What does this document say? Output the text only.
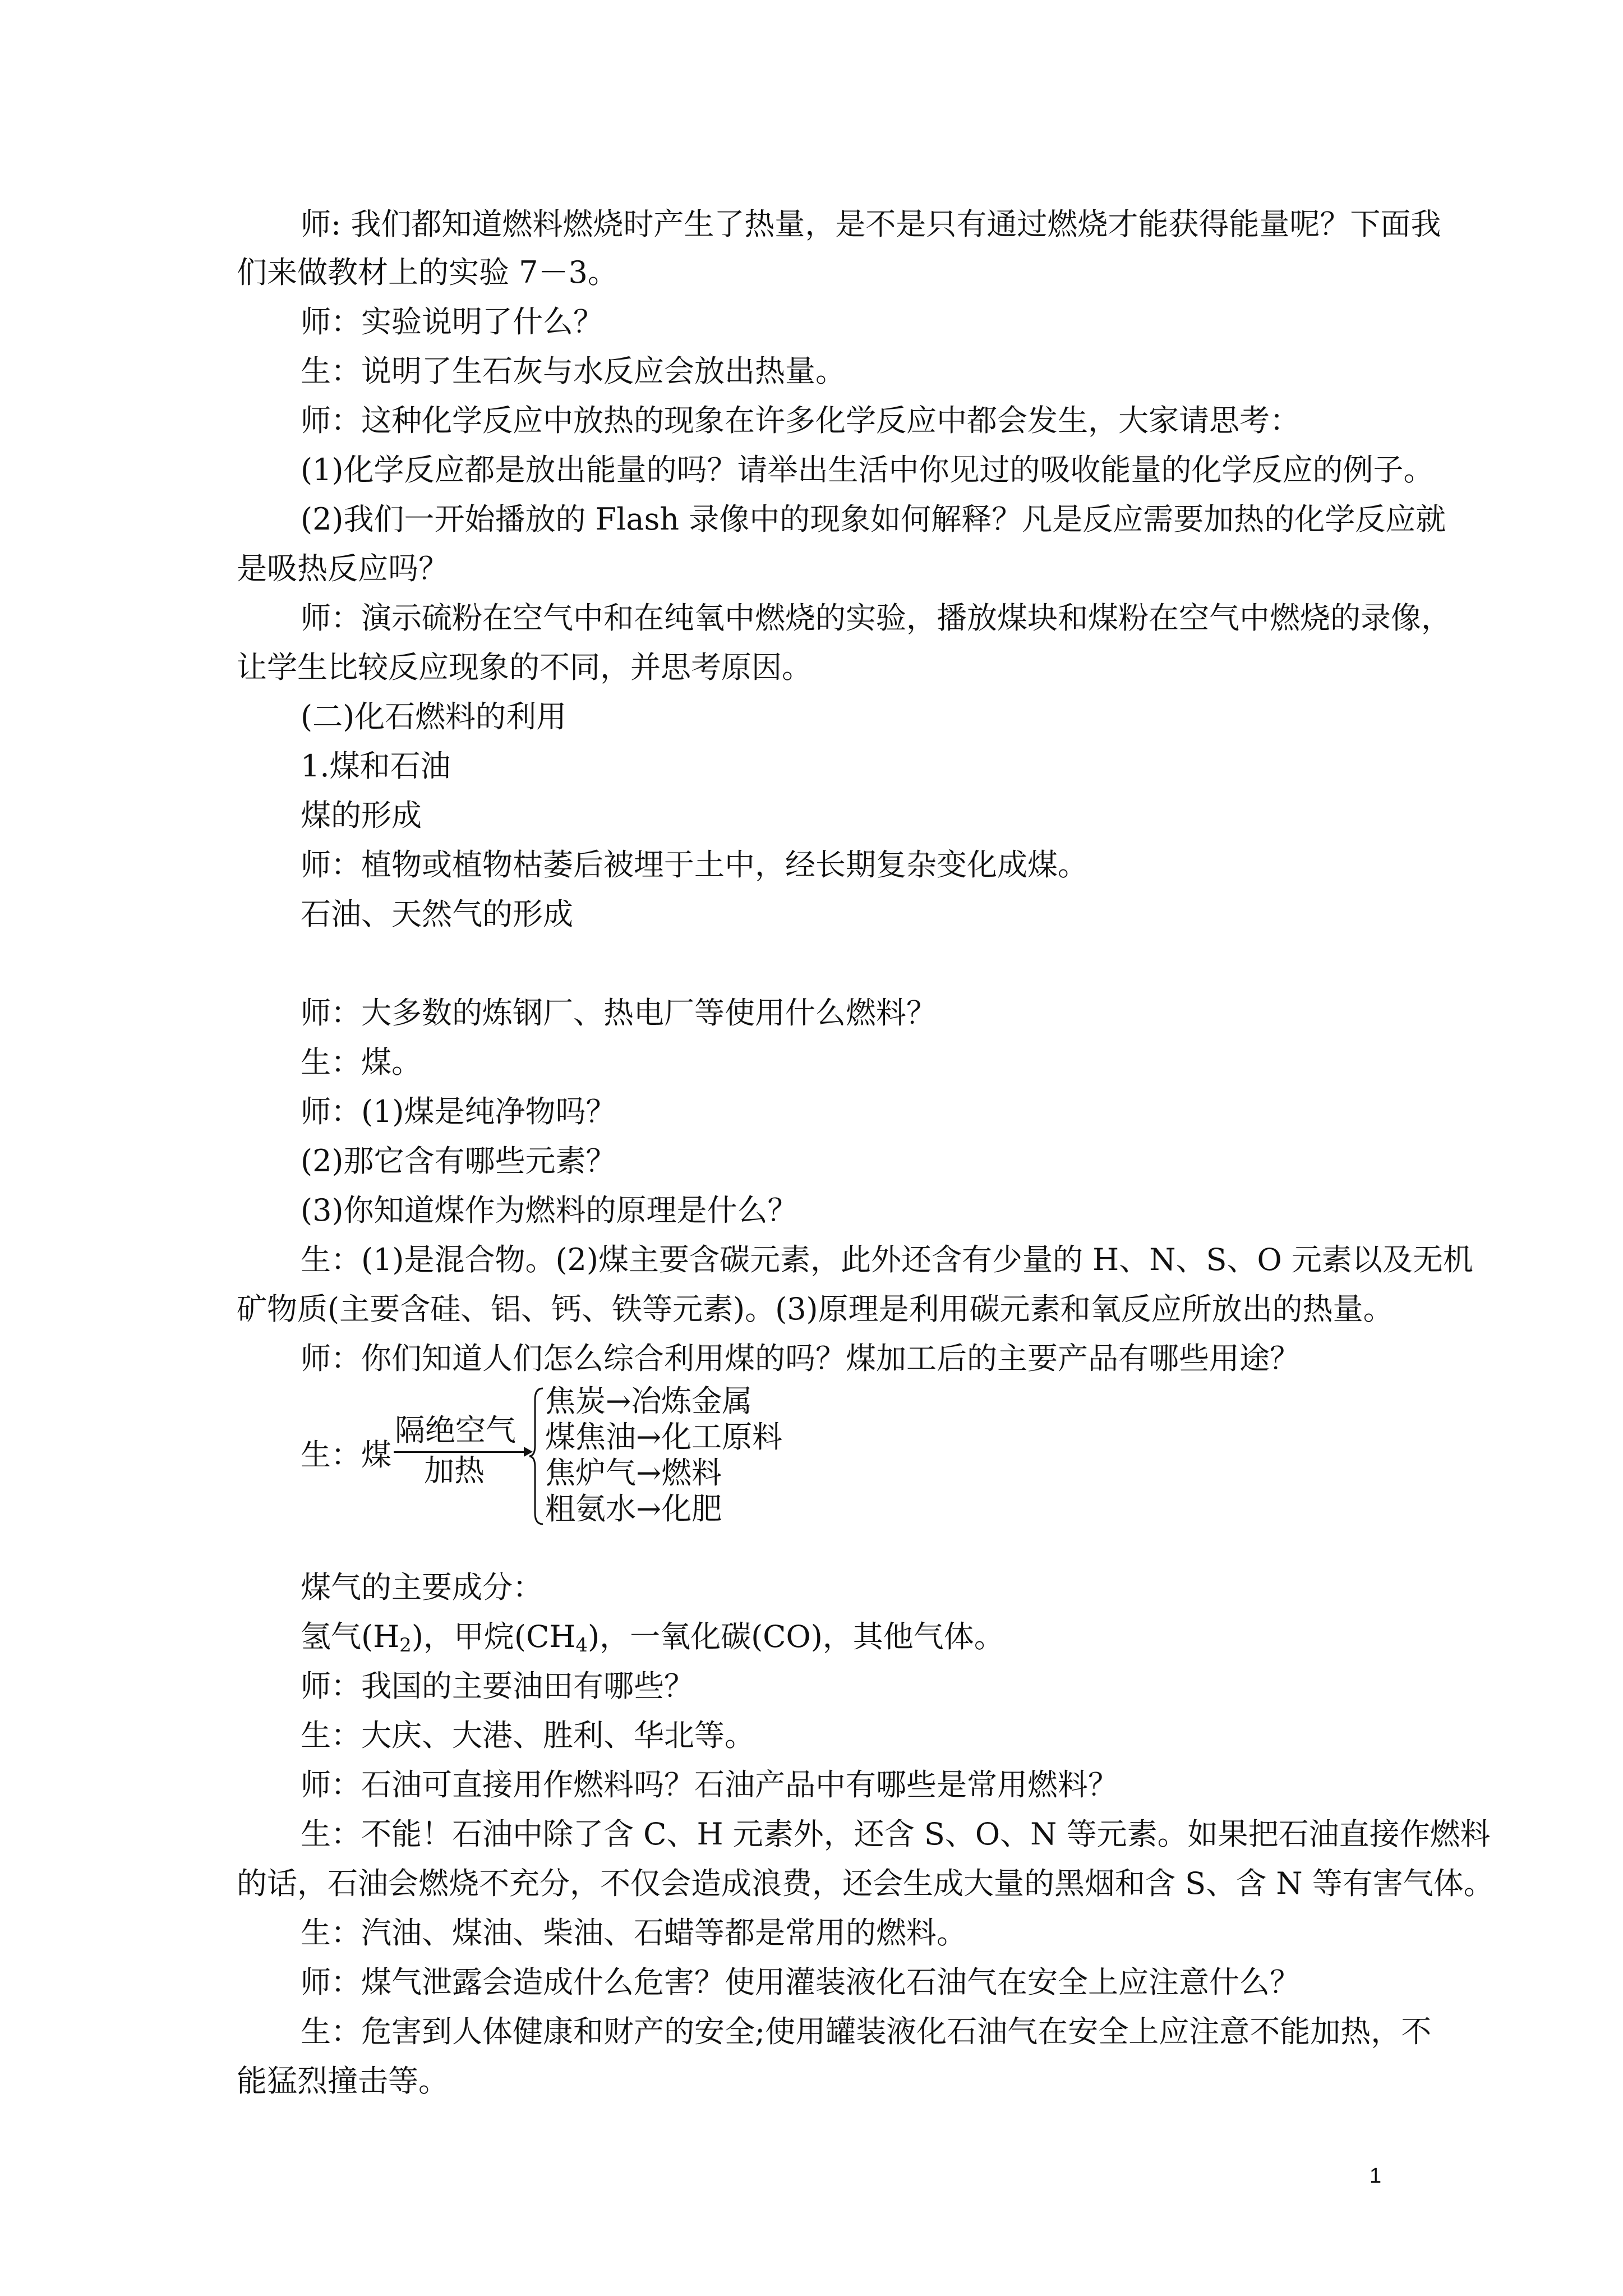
师: 我们都知道燃料燃烧时产生了热量，是不是只有通过燃烧才能获得能量呢？下面我

们来做教材上的实验 7－3。

师：实验说明了什么？

生：说明了生石灰与水反应会放出热量。

师：这种化学反应中放热的现象在许多化学反应中都会发生，大家请思考：

(1)化学反应都是放出能量的吗？请举出生活中你见过的吸收能量的化学反应的例子。

(2)我们一开始播放的 Flash 录像中的现象如何解释？凡是反应需要加热的化学反应就

是吸热反应吗？

师：演示硫粉在空气中和在纯氧中燃烧的实验，播放煤块和煤粉在空气中燃烧的录像，

让学生比较反应现象的不同，并思考原因。

(二)化石燃料的利用

1.煤和石油

煤的形成

师：植物或植物枯萎后被埋于土中，经长期复杂变化成煤。

石油、天然气的形成

师：大多数的炼钢厂、热电厂等使用什么燃料？

生：煤。

师：(1)煤是纯净物吗？

(2)那它含有哪些元素？

(3)你知道煤作为燃料的原理是什么？

生：(1)是混合物。(2)煤主要含碳元素，此外还含有少量的 H、N、S、O 元素以及无机

矿物质(主要含硅、铝、钙、铁等元素)。(3)原理是利用碳元素和氧反应所放出的热量。

师：你们知道人们怎么综合利用煤的吗？煤加工后的主要产品有哪些用途？

生： 煤
隔绝空气
加热
焦炭→冶炼金属
煤焦油→化工原料
焦炉气→燃料
粗氨水→化肥

煤气的主要成分：

氢气$(H_2)$，甲烷$(CH_4)$，一氧化碳(CO)，其他气体。

师：我国的主要油田有哪些？

生：大庆、大港、胜利、华北等。

师：石油可直接用作燃料吗？石油产品中有哪些是常用燃料？

生：不能！石油中除了含 C、H 元素外，还含 S、O、N 等元素。如果把石油直接作燃料

的话，石油会燃烧不充分，不仅会造成浪费，还会生成大量的黑烟和含 S、含 N 等有害气体。

生：汽油、煤油、柴油、石蜡等都是常用的燃料。

师：煤气泄露会造成什么危害？使用灌装液化石油气在安全上应注意什么？

生：危害到人体健康和财产的安全;使用罐装液化石油气在安全上应注意不能加热，不

能猛烈撞击等。

1
